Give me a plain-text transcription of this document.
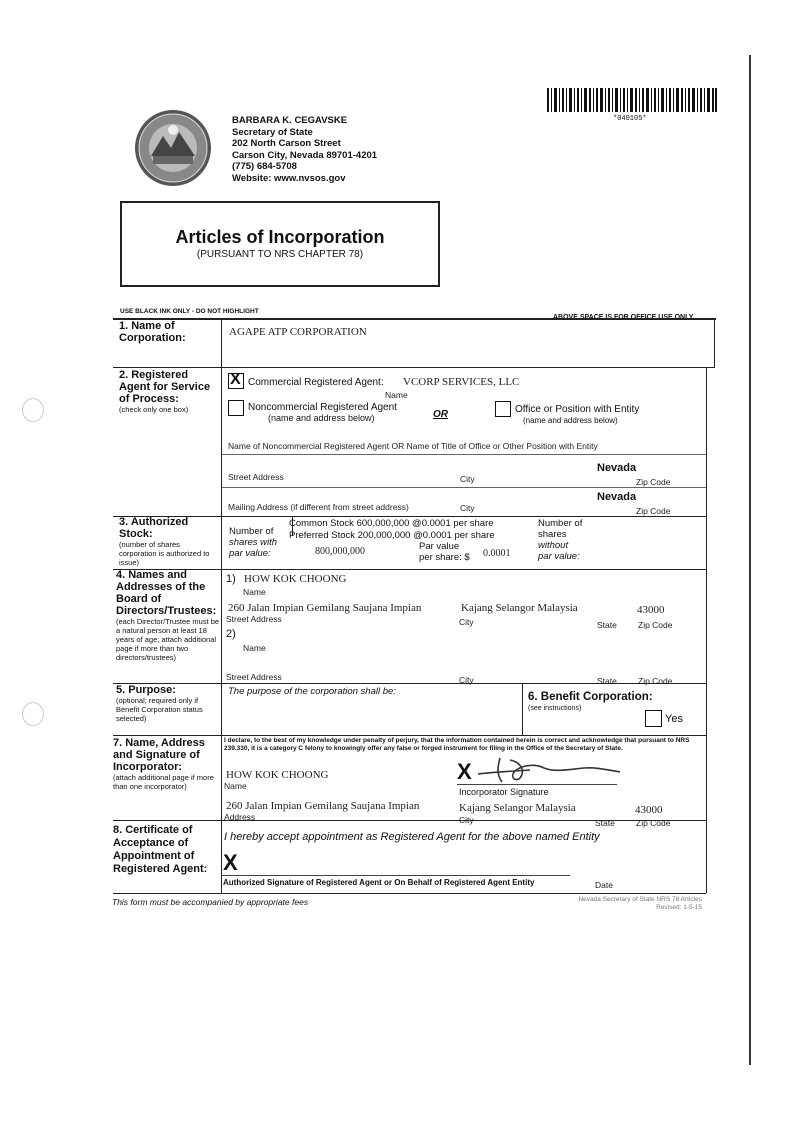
*040105*
BARBARA K. CEGAVSKE
Secretary of State
202 North Carson Street
Carson City, Nevada 89701-4201
(775) 684-5708
Website: www.nvsos.gov
Articles of Incorporation
(PURSUANT TO NRS CHAPTER 78)
USE BLACK INK ONLY - DO NOT HIGHLIGHT
1. Name of Corporation:	AGAPE ATP CORPORATION
2. Registered Agent for Service of Process:
(check only one box)
X Commercial Registered Agent: VCORP SERVICES, LLC
Name
Noncommercial Registered Agent
(name and address below)	OR	Office or Position with Entity
(name and address below)
Name of Noncommercial Registered Agent OR Name of Title of Office or Other Position with Entity
Street Address	City
Nevada
Zip Code
Mailing Address (if different from street address)	City
Nevada
Zip Code
3. Authorized Stock:
(number of shares corporation is authorized to issue)
Number of
shares with
par value:
Common Stock 600,000,000 @0.0001 per share
Preferred Stock 200,000,000 @0.0001 per share
800,000,000	Par value
per share: $ 0.0001
Number of
shares
without
par value:
4. Names and Addresses of the Board of Directors/Trustees:
(each Director/Trustee must be a natural person at least 18 years of age; attach additional page if more than two directors/trustees)
1) HOW KOK CHOONG
Name
260 Jalan Impian Gemilang Saujana Impian	Kajang Selangor Malaysia	43000
Street Address	City	State Zip Code
2)
Name
Street Address	City	State Zip Code
5. Purpose:
(optional; required only if Benefit Corporation status selected)
The purpose of the corporation shall be:	6. Benefit Corporation:
(see instructions)
Yes
7. Name, Address and Signature of Incorporator:
(attach additional page if more than one incorporator)
I declare, to the best of my knowledge under penalty of perjury, that the information contained herein is correct and acknowledge that pursuant to NRS 239.330, it is a category C felony to knowingly offer any false or forged instrument for filing in the Office of the Secretary of State.
HOW KOK CHOONG
Name
X
Incorporator Signature
260 Jalan Impian Gemilang Saujana Impian	Kajang Selangor Malaysia	43000
Address	City	State Zip Code
8. Certificate of Acceptance of Appointment of Registered Agent:
I hereby accept appointment as Registered Agent for the above named Entity
X
Authorized Signature of Registered Agent or On Behalf of Registered Agent Entity	Date
This form must be accompanied by appropriate fees	Nevada Secretary of State NRS 78 Articles
Revised: 1-5-15
